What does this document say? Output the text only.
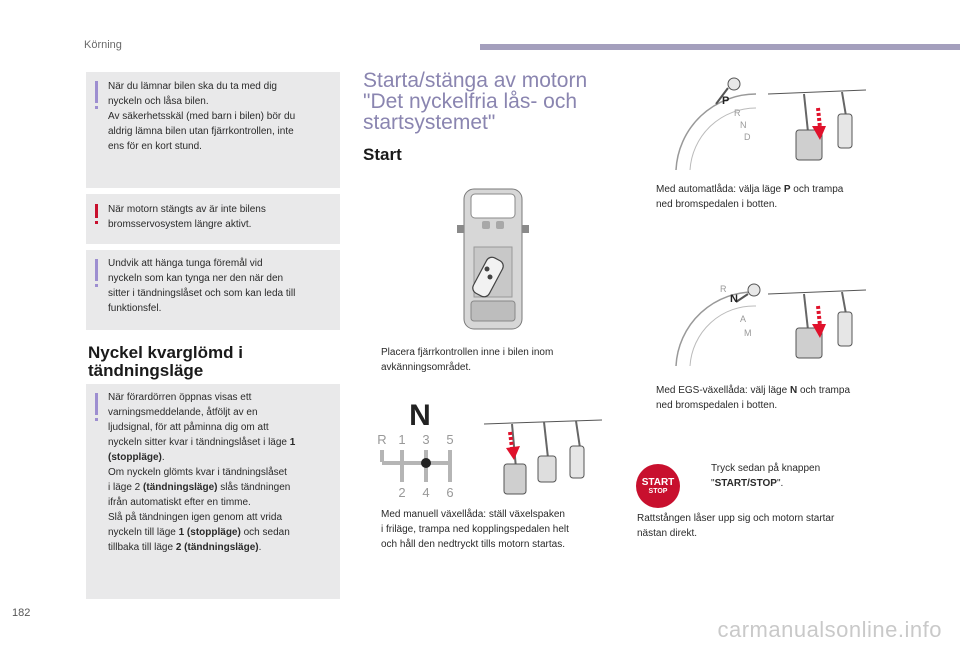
Körning

När du lämnar bilen ska du ta med dig

nyckeln och låsa bilen.

Av säkerhetsskäl (med barn i bilen) bör du

aldrig lämna bilen utan fjärrkontrollen, inte

ens för en kort stund.

När motorn stängts av är inte bilens

bromsservosystem längre aktivt.

Undvik att hänga tunga föremål vid

nyckeln som kan tynga ner den när den

sitter i tändningslåset och som kan leda till

funktionsfel.

Nyckel kvarglömd i
tändningsläge

När förardörren öppnas visas ett

varningsmeddelande, åtföljt av en

ljudsignal, för att påminna dig om att

nyckeln sitter kvar i tändningslåset i läge 1

(stoppläge).

Om nyckeln glömts kvar i tändningslåset

i läge 2 (tändningsläge) slås tändningen

ifrån automatiskt efter en timme.

Slå på tändningen igen genom att vrida

nyckeln till läge 1 (stoppläge) och sedan

tillbaka till läge 2 (tändningsläge).

Starta/stänga av motorn
"Det nyckelfria lås- och
startsystemet"
Start
Placera fjärrkontrollen inne i bilen inom
avkänningsområdet.
N
R 1 3 5
2 4 6
Med manuell växellåda: ställ växelspaken
i friläge, trampa ned kopplingspedalen helt
och håll den nedtryckt tills motorn startas.
P
R
N
D
Med automatlåda: välja läge P och trampa
ned bromspedalen i botten.
R
N
A
M
Med EGS-växellåda: välj läge N och trampa
ned bromspedalen i botten.
START
STOP
Tryck sedan på knappen
"START/STOP".
Rattstången låser upp sig och motorn startar
nästan direkt.
182
carmanualsonline.info
